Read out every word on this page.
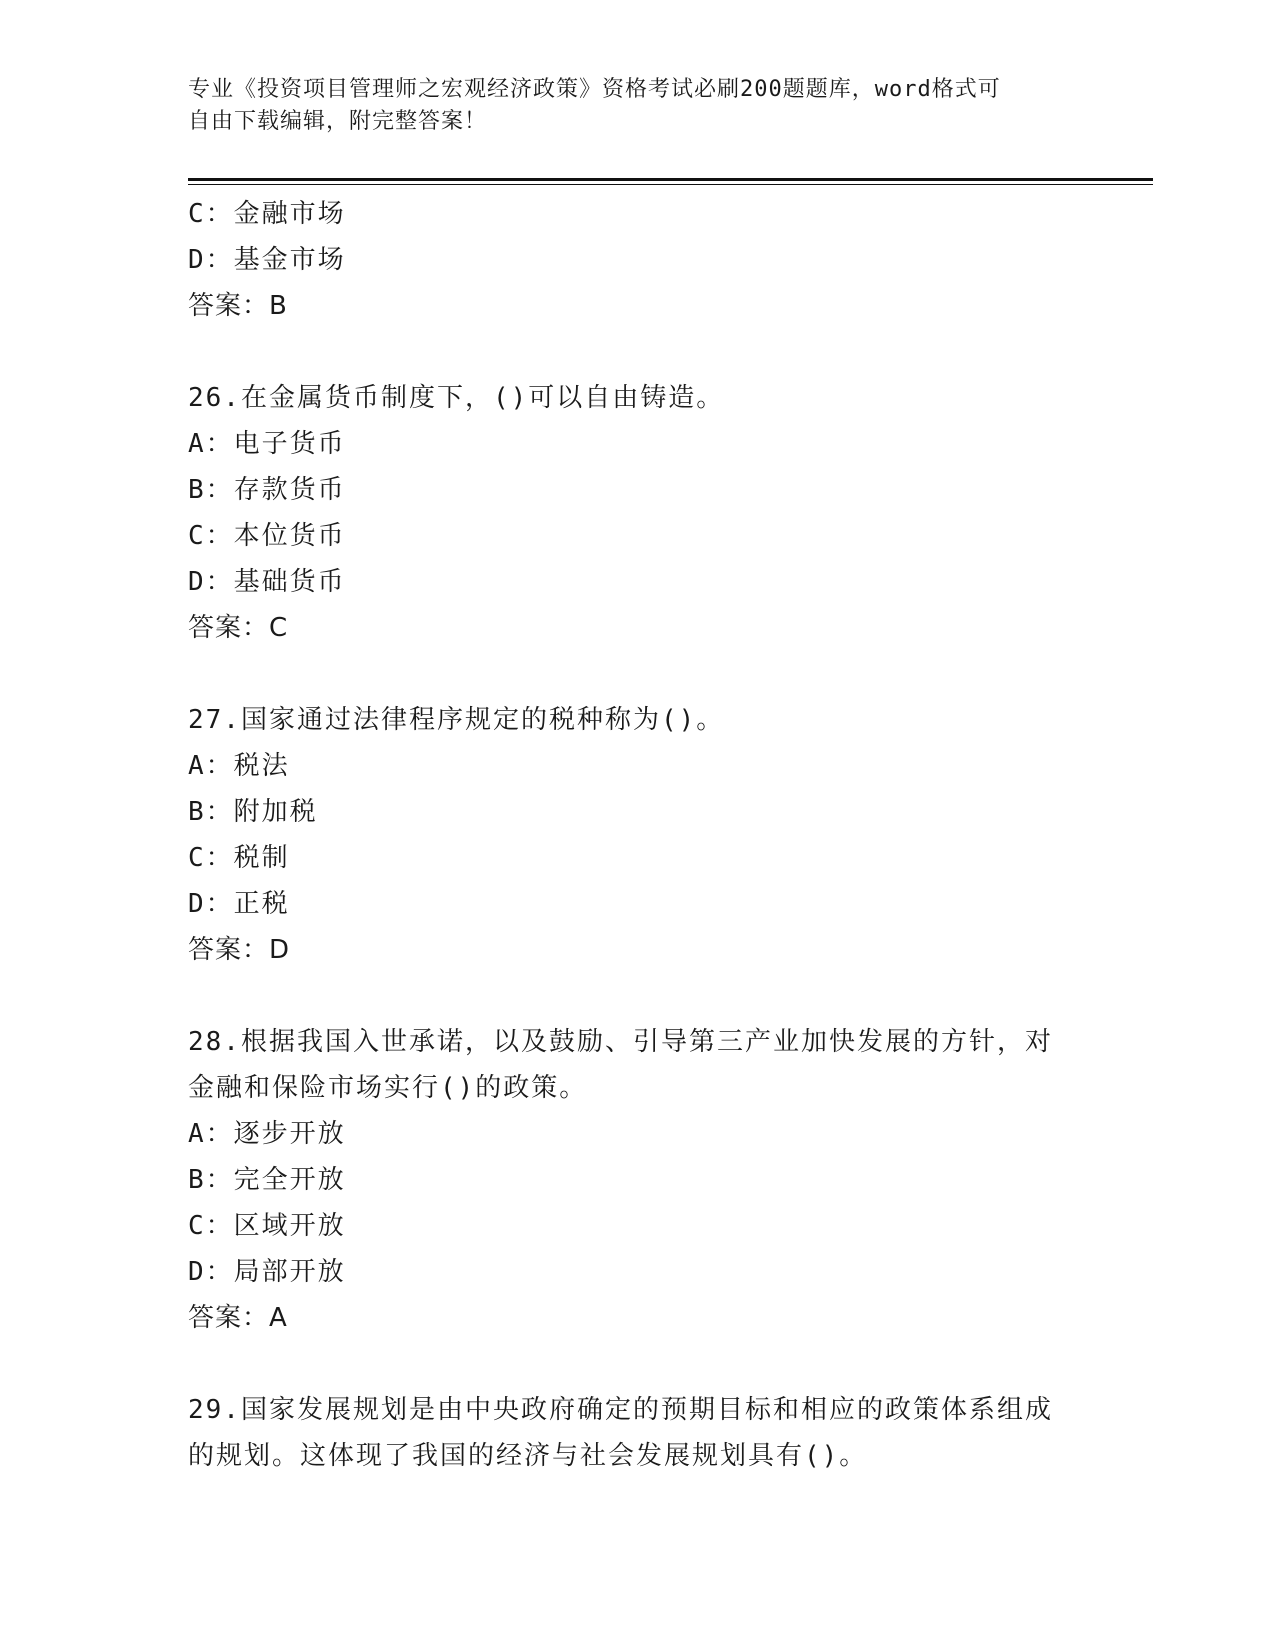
专业《投资项目管理师之宏观经济政策》资格考试必刷200题题库，word格式可
自由下载编辑，附完整答案！
C：金融市场
D：基金市场
答案：B
26.在金属货币制度下，()可以自由铸造。
A：电子货币
B：存款货币
C：本位货币
D：基础货币
答案：C
27.国家通过法律程序规定的税种称为()。
A：税法
B：附加税
C：税制
D：正税
答案：D
28.根据我国入世承诺，以及鼓励、引导第三产业加快发展的方针，对
金融和保险市场实行()的政策。
A：逐步开放
B：完全开放
C：区域开放
D：局部开放
答案：A
29.国家发展规划是由中央政府确定的预期目标和相应的政策体系组成
的规划。这体现了我国的经济与社会发展规划具有()。
